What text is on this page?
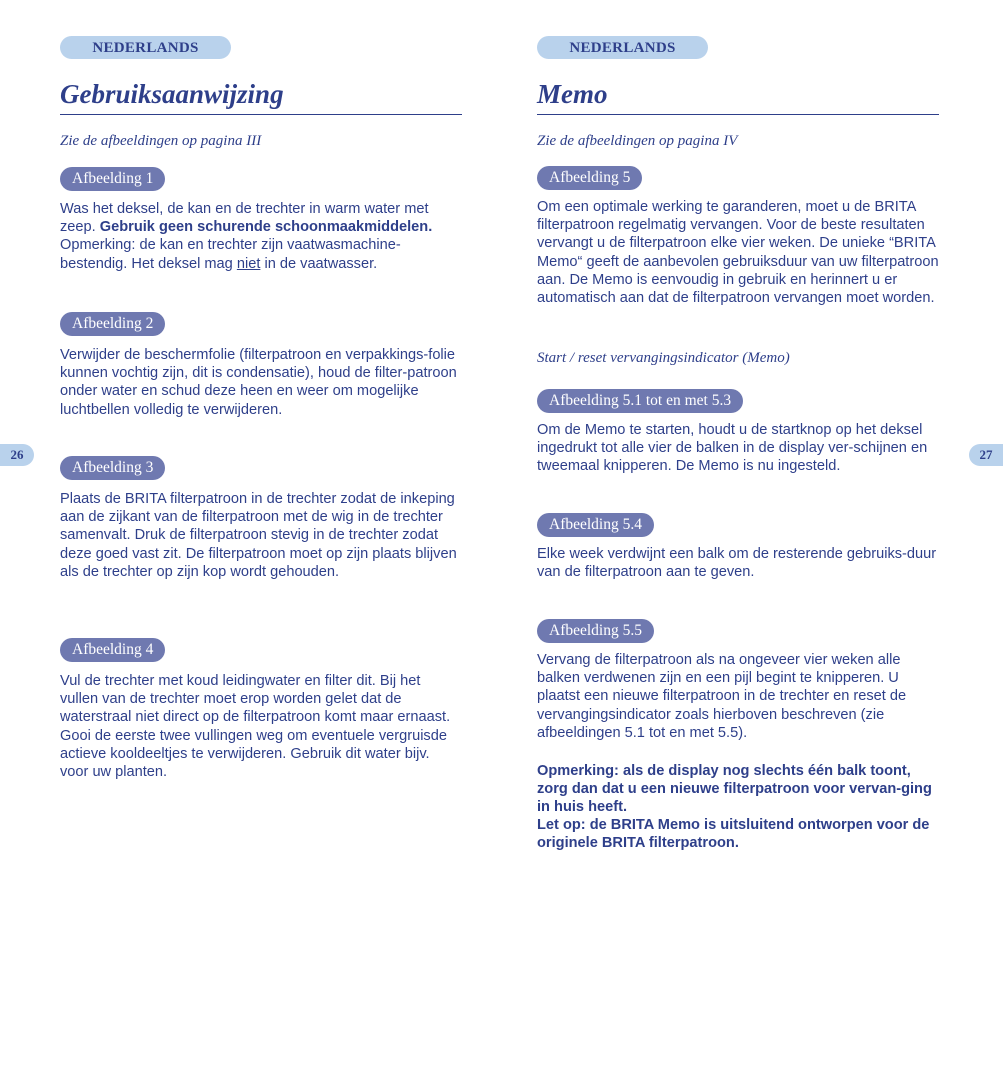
26	27
NEDERLANDS
Gebruiksaanwijzing

Zie de afbeeldingen op pagina III

Afbeelding 1
Was het deksel, de kan en de trechter in warm water met zeep. Gebruik geen schurende schoonmaakmiddelen. Opmerking: de kan en trechter zijn vaatwasmachine-bestendig. Het deksel mag niet in de vaatwasser.
Afbeelding 2

Verwijder de beschermfolie (filterpatroon en verpakkings-folie kunnen vochtig zijn, dit is condensatie), houd de filter-patroon onder water en schud deze heen en weer om mogelijke luchtbellen volledig te verwijderen.

Afbeelding 3

Plaats de BRITA filterpatroon in de trechter zodat de inkeping aan de zijkant van de filterpatroon met de wig in de trechter samenvalt. Druk de filterpatroon stevig in de trechter zodat deze goed vast zit. De filterpatroon moet op zijn plaats blijven als de trechter op zijn kop wordt gehouden.

Afbeelding 4

Vul de trechter met koud leidingwater en filter dit. Bij het vullen van de trechter moet erop worden gelet dat de waterstraal niet direct op de filterpatroon komt maar ernaast. Gooi de eerste twee vullingen weg om eventuele vergruisde actieve kooldeeltjes te verwijderen. Gebruik dit water bijv. voor uw planten.

NEDERLANDS
Memo

Zie de afbeeldingen op pagina IV

Afbeelding 5

Om een optimale werking te garanderen, moet u de BRITA filterpatroon regelmatig vervangen. Voor de beste resultaten vervangt u de filterpatroon elke vier weken. De unieke “BRITA Memo“ geeft de aanbevolen gebruiksduur van uw filterpatroon aan. De Memo is eenvoudig in gebruik en herinnert u er automatisch aan dat de filterpatroon vervangen moet worden.

Start / reset vervangingsindicator (Memo)

Afbeelding 5.1 tot en met 5.3

Om de Memo te starten, houdt u de startknop op het deksel ingedrukt tot alle vier de balken in de display ver-schijnen en tweemaal knipperen. De Memo is nu ingesteld.

Afbeelding 5.4

Elke week verdwijnt een balk om de resterende gebruiks-duur van de filterpatroon aan te geven.

Afbeelding 5.5

Vervang de filterpatroon als na ongeveer vier weken alle balken verdwenen zijn en een pijl begint te knipperen. U plaatst een nieuwe filterpatroon in de trechter en reset de vervangingsindicator zoals hierboven beschreven (zie afbeeldingen 5.1 tot en met 5.5).

Opmerking: als de display nog slechts één balk toont, zorg dan dat u een nieuwe filterpatroon voor vervan-ging in huis heeft.

Let op: de BRITA Memo is uitsluitend ontworpen voor de originele BRITA filterpatroon.
